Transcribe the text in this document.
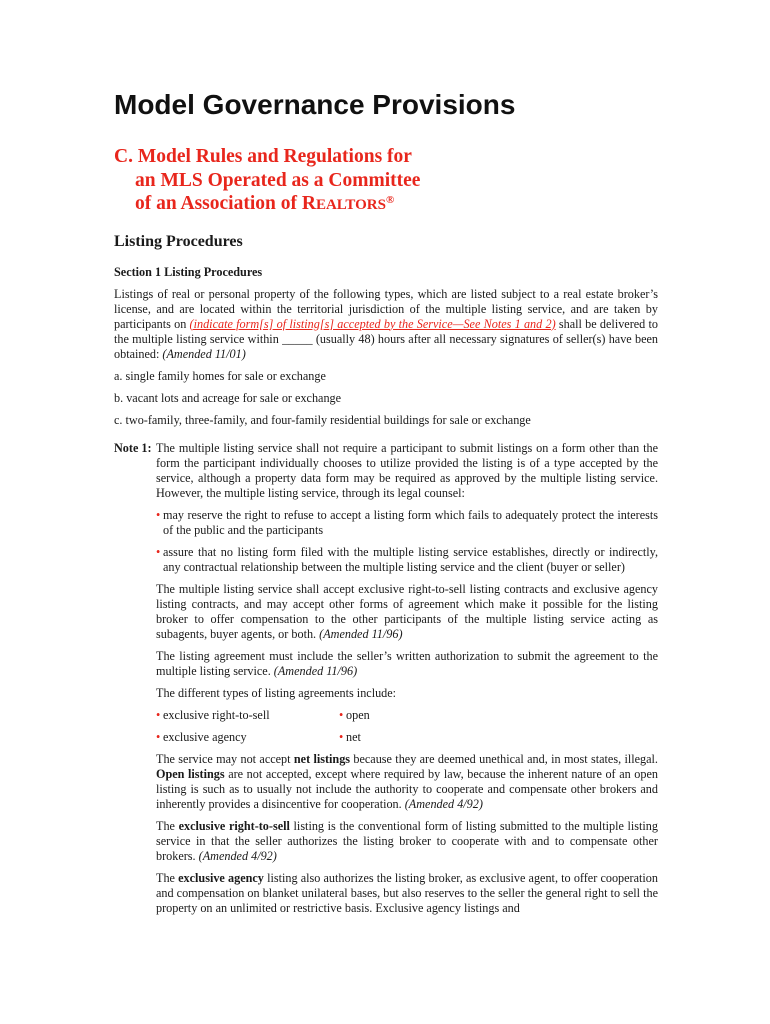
Model Governance Provisions
C. Model Rules and Regulations for
an MLS Operated as a Committee
of an Association of REALTORS®
Listing Procedures
Section 1 Listing Procedures

Listings of real or personal property of the following types, which are listed subject to a real estate broker’s license, and are located within the territorial jurisdiction of the multiple listing service, and are taken by participants on (indicate form[s] of listing[s] accepted by the Service—See Notes 1 and 2) shall be delivered to the multiple listing service within _____ (usually 48) hours after all necessary signatures of seller(s) have been obtained: (Amended 11/01)

a. single family homes for sale or exchange

b. vacant lots and acreage for sale or exchange

c. two-family, three-family, and four-family residential buildings for sale or exchange

Note 1: The multiple listing service shall not require a participant to submit listings on a form other than the form the participant individually chooses to utilize provided the listing is of a type accepted by the service, although a property data form may be required as approved by the multiple listing service. However, the multiple listing service, through its legal counsel:

• may reserve the right to refuse to accept a listing form which fails to adequately protect the interests of the public and the participants
• assure that no listing form filed with the multiple listing service establishes, directly or indirectly, any contractual relationship between the multiple listing service and the client (buyer or seller)

The multiple listing service shall accept exclusive right-to-sell listing contracts and exclusive agency listing contracts, and may accept other forms of agreement which make it possible for the listing broker to offer compensation to the other participants of the multiple listing service acting as subagents, buyer agents, or both. (Amended 11/96)

The listing agreement must include the seller’s written authorization to submit the agreement to the multiple listing service. (Amended 11/96)

The different types of listing agreements include:

• exclusive right-to-sell	• open
• exclusive agency	• net

The service may not accept net listings because they are deemed unethical and, in most states, illegal. Open listings are not accepted, except where required by law, because the inherent nature of an open listing is such as to usually not include the authority to cooperate and compensate other brokers and inherently provides a disincentive for cooperation. (Amended 4/92)

The exclusive right-to-sell listing is the conventional form of listing submitted to the multiple listing service in that the seller authorizes the listing broker to cooperate with and to compensate other brokers. (Amended 4/92)

The exclusive agency listing also authorizes the listing broker, as exclusive agent, to offer cooperation and compensation on blanket unilateral bases, but also reserves to the seller the general right to sell the property on an unlimited or restrictive basis. Exclusive agency listings and
